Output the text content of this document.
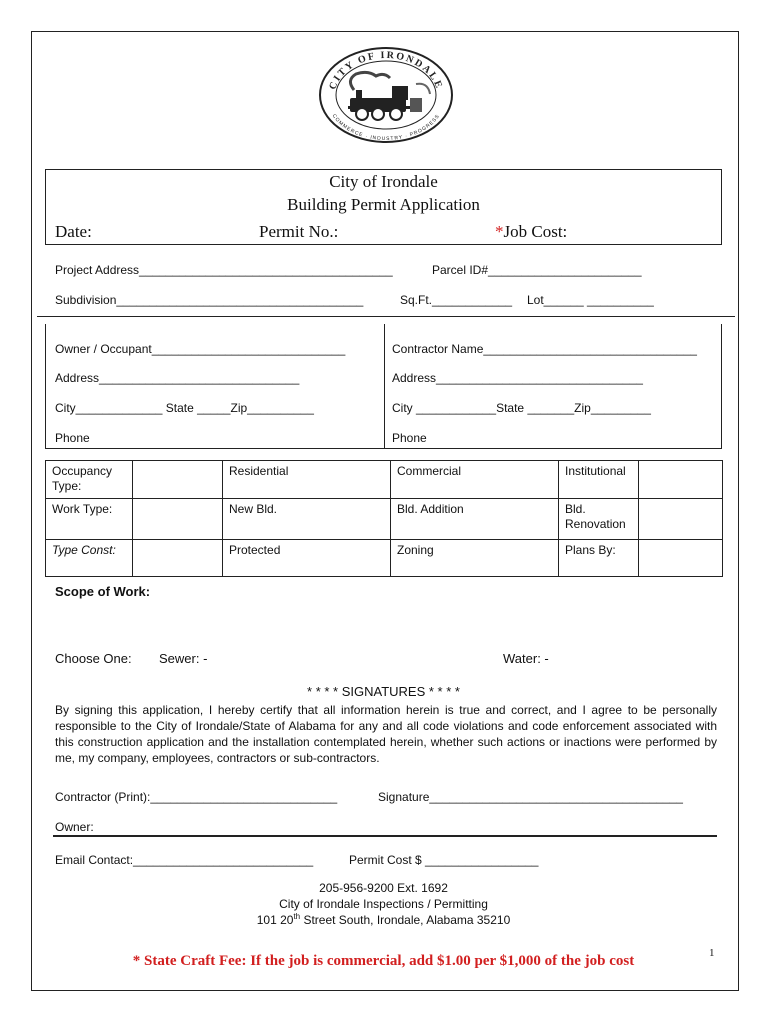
CITY OF IRONDALE
COMMERCE · INDUSTRY · PROGRESS
City of Irondale
Building Permit Application
Date:	Permit No.:	*Job Cost:
Project Address______________________________________	Parcel ID#_______________________
Subdivision_____________________________________	Sq.Ft.____________ Lot______ __________
Owner / Occupant_____________________________
Address______________________________
City_____________ State _____Zip__________
Phone
Contractor Name________________________________
Address_______________________________
City ____________State _______Zip_________
Phone
Occupancy Type:		Residential	Commercial	Institutional	
Work Type:		New Bld.	Bld. Addition	Bld. Renovation	
Type Const:		Protected	Zoning	Plans By:	
Scope of Work:
Choose One: Sewer: -	Water: -
* * * * SIGNATURES * * * *
By signing this application, I hereby certify that all information herein is true and correct, and I agree to be personally responsible to the City of Irondale/State of Alabama for any and all code violations and code enforcement associated with this construction application and the installation contemplated herein, whether such actions or inactions were performed by me, my company, employees, contractors or sub-contractors.
Contractor (Print):____________________________	Signature______________________________________
Owner:
Email Contact:___________________________	Permit Cost $ _________________
205-956-9200 Ext. 1692
City of Irondale Inspections / Permitting
101 20th Street South, Irondale, Alabama 35210
* State Craft Fee: If the job is commercial, add $1.00 per $1,000 of the job cost	1
